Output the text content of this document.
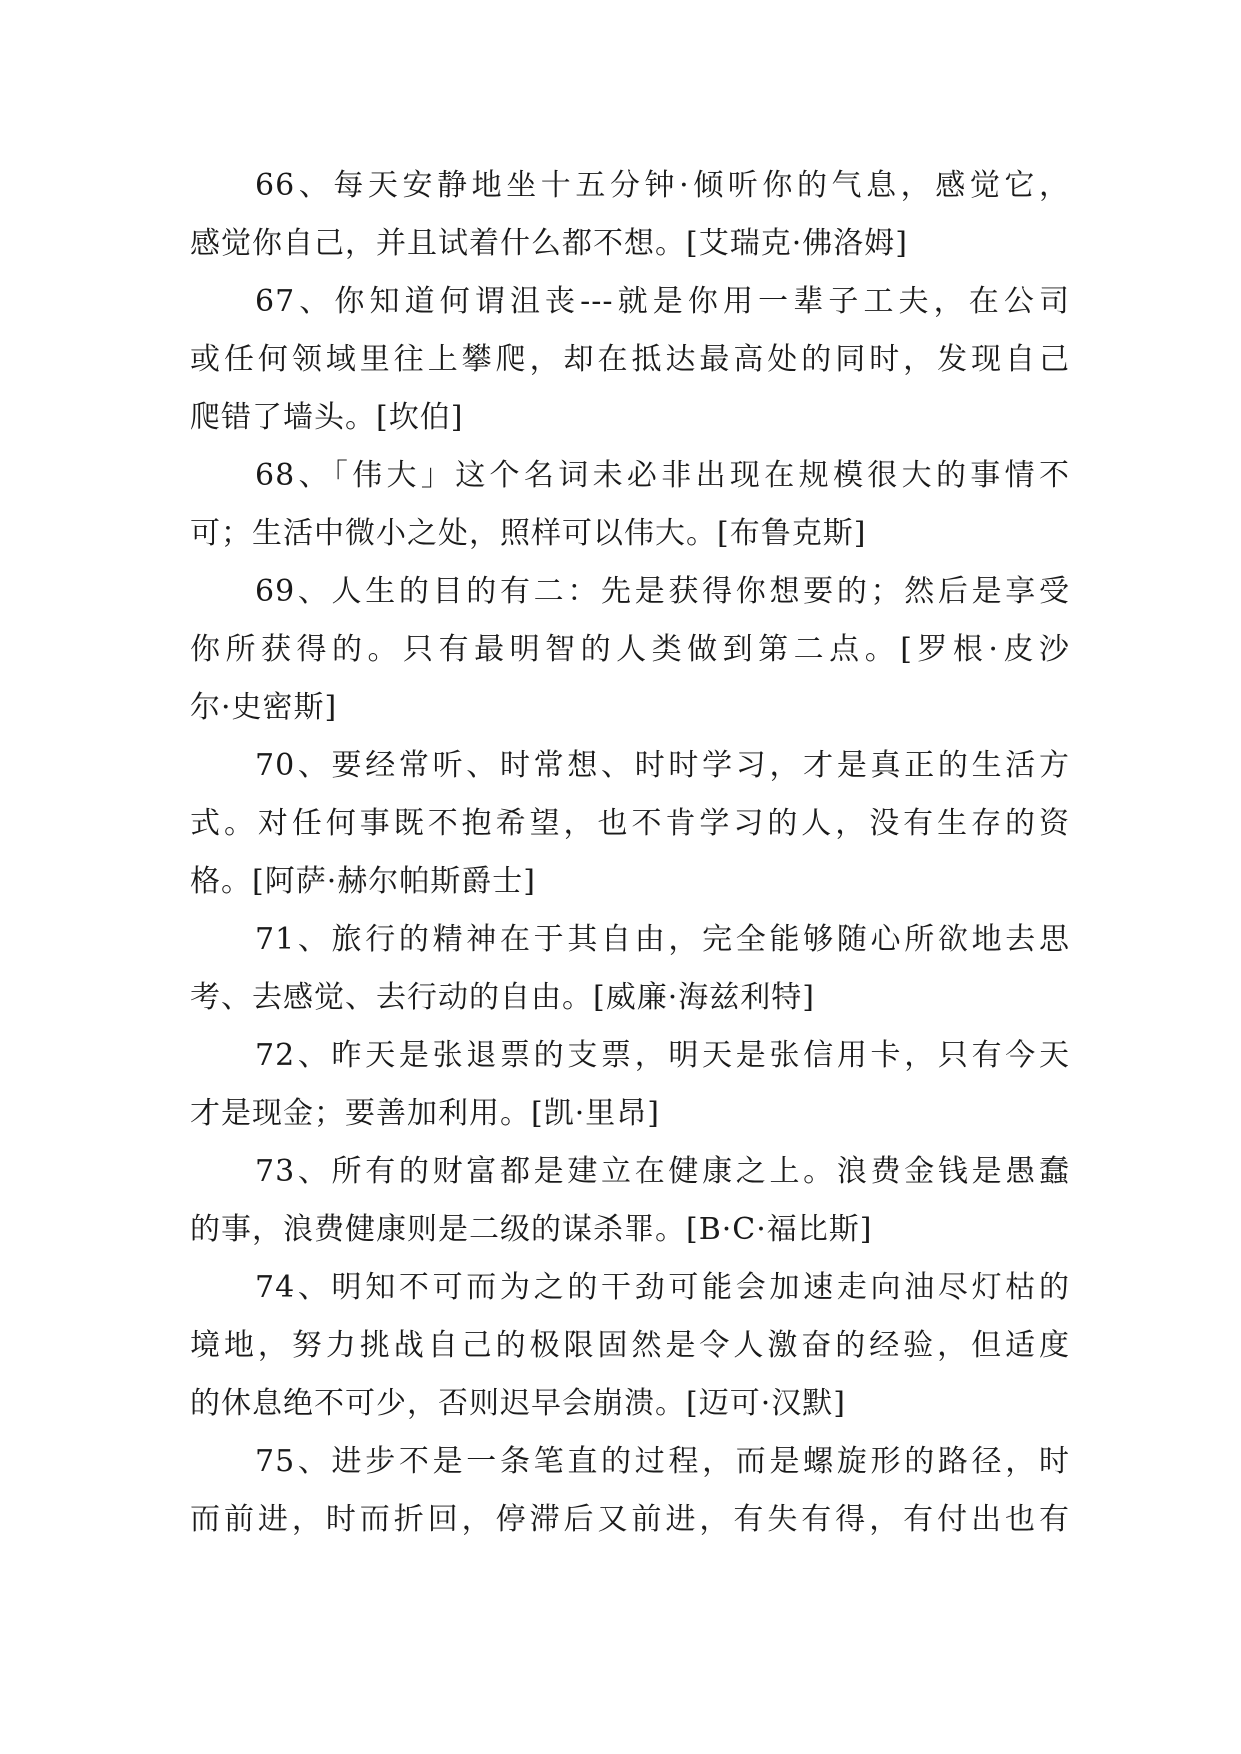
66、每天安静地坐十五分钟·倾听你的气息，感觉它，
感觉你自己，并且试着什么都不想。[艾瑞克·佛洛姆]
67、你知道何谓沮丧---就是你用一辈子工夫，在公司
或任何领域里往上攀爬，却在抵达最高处的同时，发现自己
爬错了墙头。[坎伯]
68、「伟大」这个名词未必非出现在规模很大的事情不
可；生活中微小之处，照样可以伟大。[布鲁克斯]
69、人生的目的有二：先是获得你想要的；然后是享受
你所获得的。只有最明智的人类做到第二点。[罗根·皮沙
尔·史密斯]
70、要经常听、时常想、时时学习，才是真正的生活方
式。对任何事既不抱希望，也不肯学习的人，没有生存的资
格。[阿萨·赫尔帕斯爵士]
71、旅行的精神在于其自由，完全能够随心所欲地去思
考、去感觉、去行动的自由。[威廉·海兹利特]
72、昨天是张退票的支票，明天是张信用卡，只有今天
才是现金；要善加利用。[凯·里昂]
73、所有的财富都是建立在健康之上。浪费金钱是愚蠢
的事，浪费健康则是二级的谋杀罪。[B·C·福比斯]
74、明知不可而为之的干劲可能会加速走向油尽灯枯的
境地，努力挑战自己的极限固然是令人激奋的经验，但适度
的休息绝不可少，否则迟早会崩溃。[迈可·汉默]
75、进步不是一条笔直的过程，而是螺旋形的路径，时
而前进，时而折回，停滞后又前进，有失有得，有付出也有
